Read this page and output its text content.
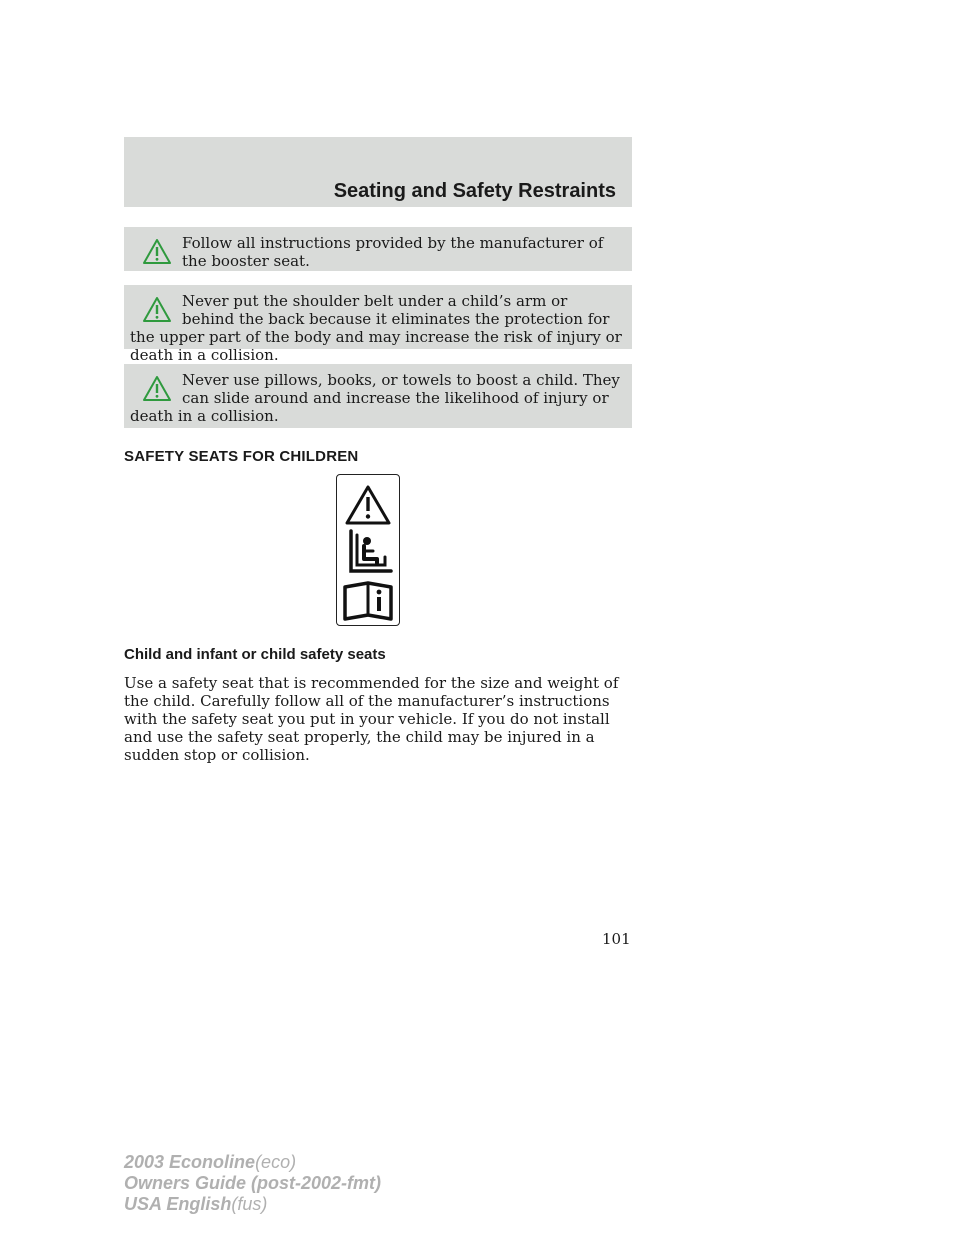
Seating and Safety Restraints

Follow all instructions provided by the manufacturer of the booster seat.

Never put the shoulder belt under a child’s arm or behind the back because it eliminates the protection for the upper part of the body and may increase the risk of injury or death in a collision.

Never use pillows, books, or towels to boost a child. They can slide around and increase the likelihood of injury or death in a collision.

SAFETY SEATS FOR CHILDREN
Child and infant or child safety seats

Use a safety seat that is recommended for the size and weight of the child. Carefully follow all of the manufacturer’s instructions with the safety seat you put in your vehicle. If you do not install and use the safety seat properly, the child may be injured in a sudden stop or collision.

101

2003 Econoline(eco)
Owners Guide (post-2002-fmt)
USA English(fus)
